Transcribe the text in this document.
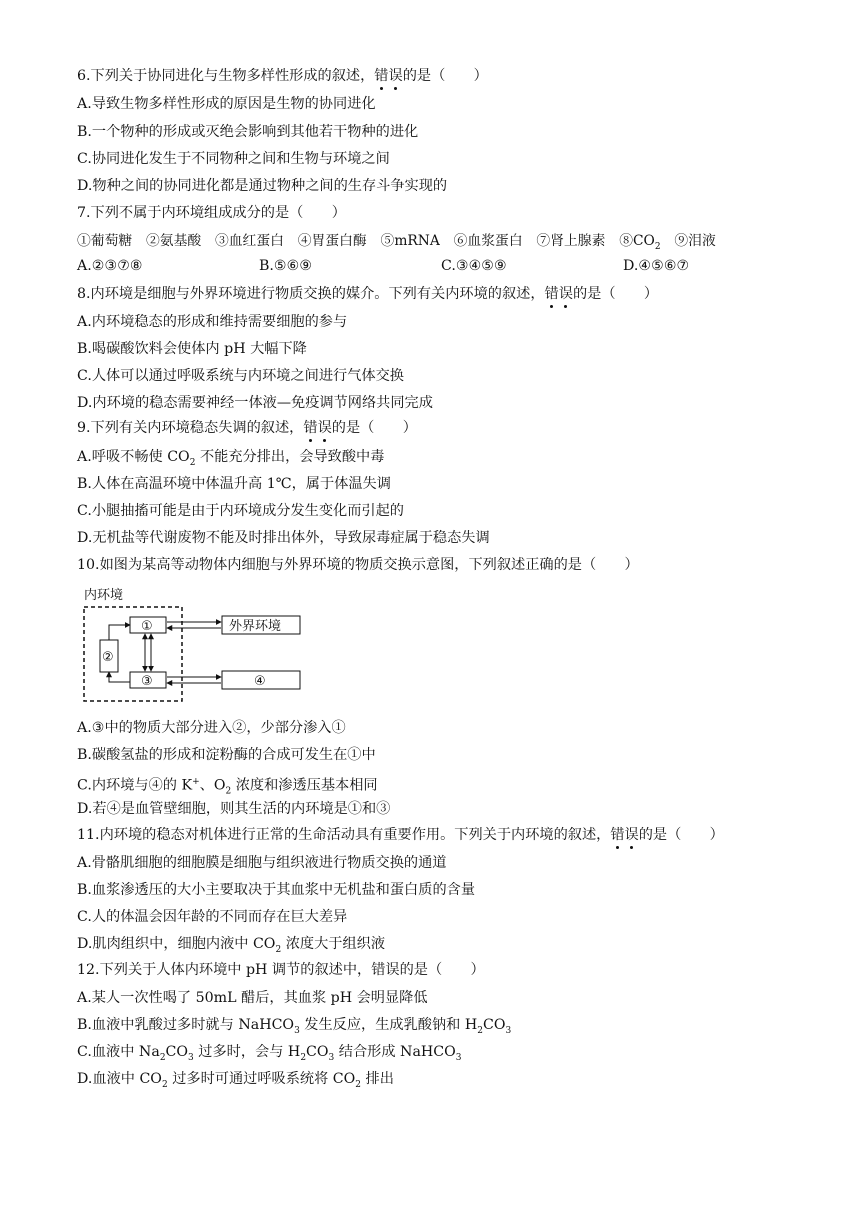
6.下列关于协同进化与生物多样性形成的叙述，错误的是（　　）
A.导致生物多样性形成的原因是生物的协同进化
B.一个物种的形成或灭绝会影响到其他若干物种的进化
C.协同进化发生于不同物种之间和生物与环境之间
D.物种之间的协同进化都是通过物种之间的生存斗争实现的
7.下列不属于内环境组成成分的是（　　）
①葡萄糖　②氨基酸　③血红蛋白　④胃蛋白酶　⑤mRNA　⑥血浆蛋白　⑦肾上腺素　$⑧CO_2$　⑨泪液
A.②③⑦⑧	B.⑤⑥⑨	C.③④⑤⑨	D.④⑤⑥⑦
8.内环境是细胞与外界环境进行物质交换的媒介。下列有关内环境的叙述，错误的是（　　）
A.内环境稳态的形成和维持需要细胞的参与
B.喝碳酸饮料会使体内 pH 大幅下降
C.人体可以通过呼吸系统与内环境之间进行气体交换
D.内环境的稳态需要神经一体液—免疫调节网络共同完成
9.下列有关内环境稳态失调的叙述，错误的是（　　）
A.呼吸不畅使 $CO_2$ 不能充分排出，会导致酸中毒
B.人体在高温环境中体温升高 1℃，属于体温失调
C.小腿抽搐可能是由于内环境成分发生变化而引起的
D.无机盐等代谢废物不能及时排出体外，导致尿毒症属于稳态失调
10.如图为某高等动物体内细胞与外界环境的物质交换示意图，下列叙述正确的是（　　）
内环境
①
②
③
外界环境
④
A.③中的物质大部分进入②，少部分渗入①
B.碳酸氢盐的形成和淀粉酶的合成可发生在①中
C.内环境与④的 K+、$O_2$ 浓度和渗透压基本相同
D.若④是血管壁细胞，则其生活的内环境是①和③
11.内环境的稳态对机体进行正常的生命活动具有重要作用。下列关于内环境的叙述，错误的是（　　）
A.骨骼肌细胞的细胞膜是细胞与组织液进行物质交换的通道
B.血浆渗透压的大小主要取决于其血浆中无机盐和蛋白质的含量
C.人的体温会因年龄的不同而存在巨大差异
D.肌肉组织中，细胞内液中 $CO_2$ 浓度大于组织液
12.下列关于人体内环境中 pH 调节的叙述中，错误的是（　　）
A.某人一次性喝了 50mL 醋后，其血浆 pH 会明显降低
B.血液中乳酸过多时就与 NaHCO$_3$ 发生反应，生成乳酸钠和 $H_2CO_3$
C.血液中 $Na_2CO_3$ 过多时，会与 $H_2CO_3$ 结合形成 NaHCO$_3$
D.血液中 $CO_2$ 过多时可通过呼吸系统将 $CO_2$ 排出
